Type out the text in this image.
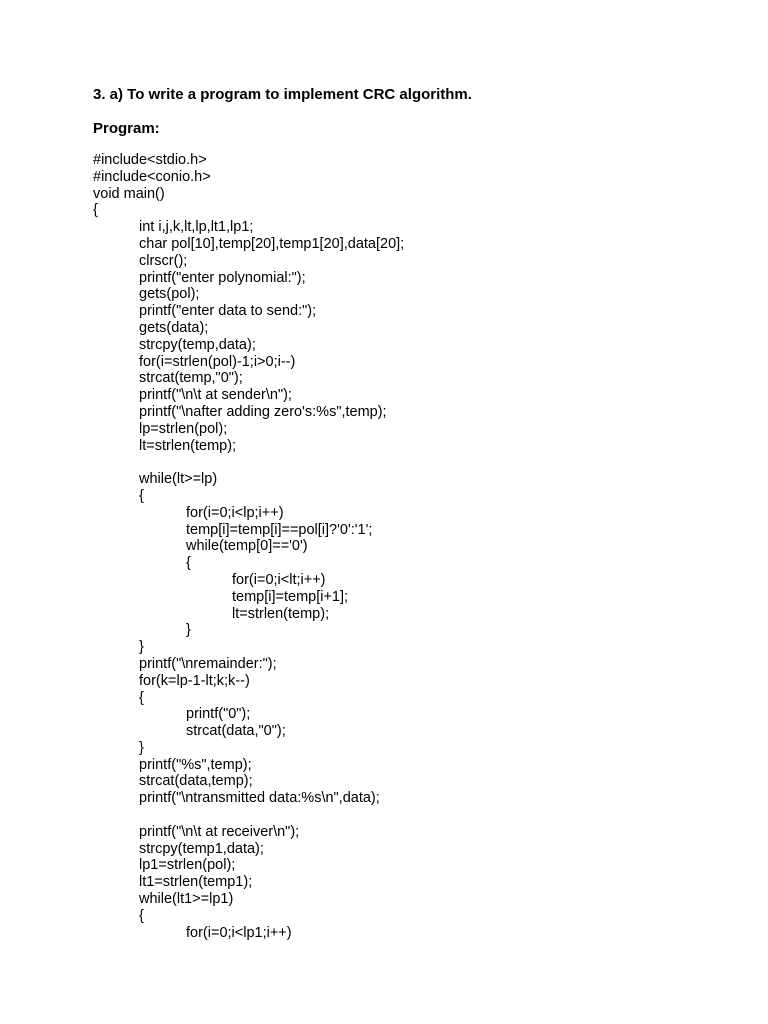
3. a) To write a program to implement CRC algorithm.
Program:
#include<stdio.h>
#include<conio.h>
void main()
{
int i,j,k,lt,lp,lt1,lp1;
char pol[10],temp[20],temp1[20],data[20];
clrscr();
printf("enter polynomial:");
gets(pol);
printf("enter data to send:");
gets(data);
strcpy(temp,data);
for(i=strlen(pol)-1;i>0;i--)
strcat(temp,"0");
printf("\n\t at sender\n");
printf("\nafter adding zero's:%s",temp);
lp=strlen(pol);
lt=strlen(temp);
while(lt>=lp)
{
for(i=0;i<lp;i++)
temp[i]=temp[i]==pol[i]?'0':'1';
while(temp[0]=='0')
{
for(i=0;i<lt;i++)
temp[i]=temp[i+1];
lt=strlen(temp);
}
}
printf("\nremainder:");
for(k=lp-1-lt;k;k--)
{
printf("0");
strcat(data,"0");
}
printf("%s",temp);
strcat(data,temp);
printf("\ntransmitted data:%s\n",data);
printf("\n\t at receiver\n");
strcpy(temp1,data);
lp1=strlen(pol);
lt1=strlen(temp1);
while(lt1>=lp1)
{
for(i=0;i<lp1;i++)
